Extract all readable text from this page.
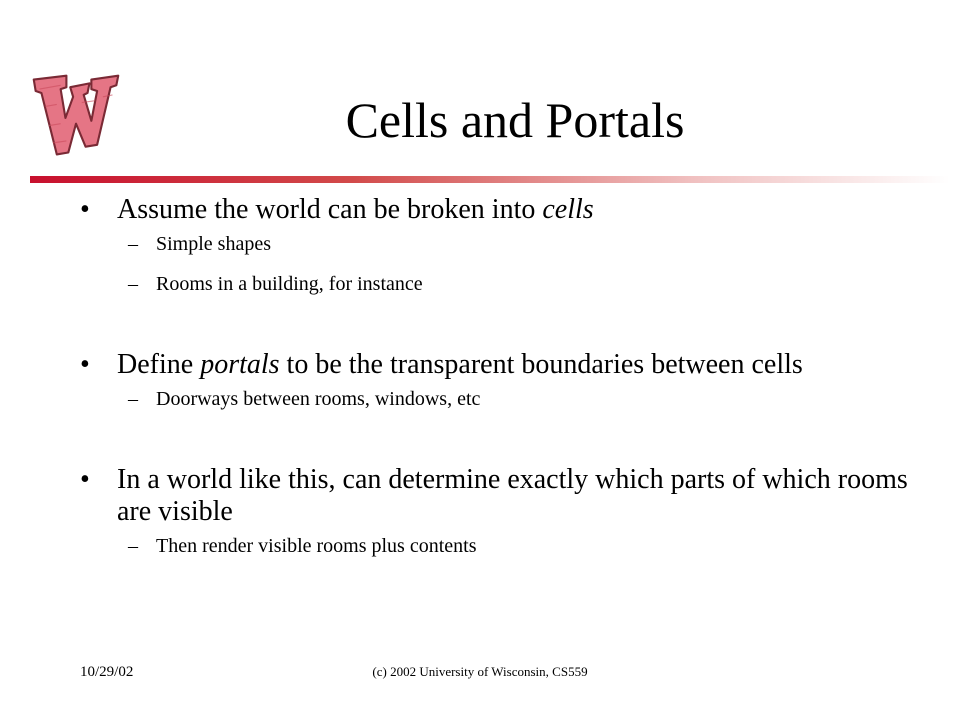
Cells and Portals
• Assume the world can be broken into cells
– Simple shapes
– Rooms in a building, for instance
• Define portals to be the transparent boundaries between cells
– Doorways between rooms, windows, etc
• In a world like this, can determine exactly which parts of which rooms are visible
– Then render visible rooms plus contents
10/29/02	(c) 2002 University of Wisconsin, CS559
